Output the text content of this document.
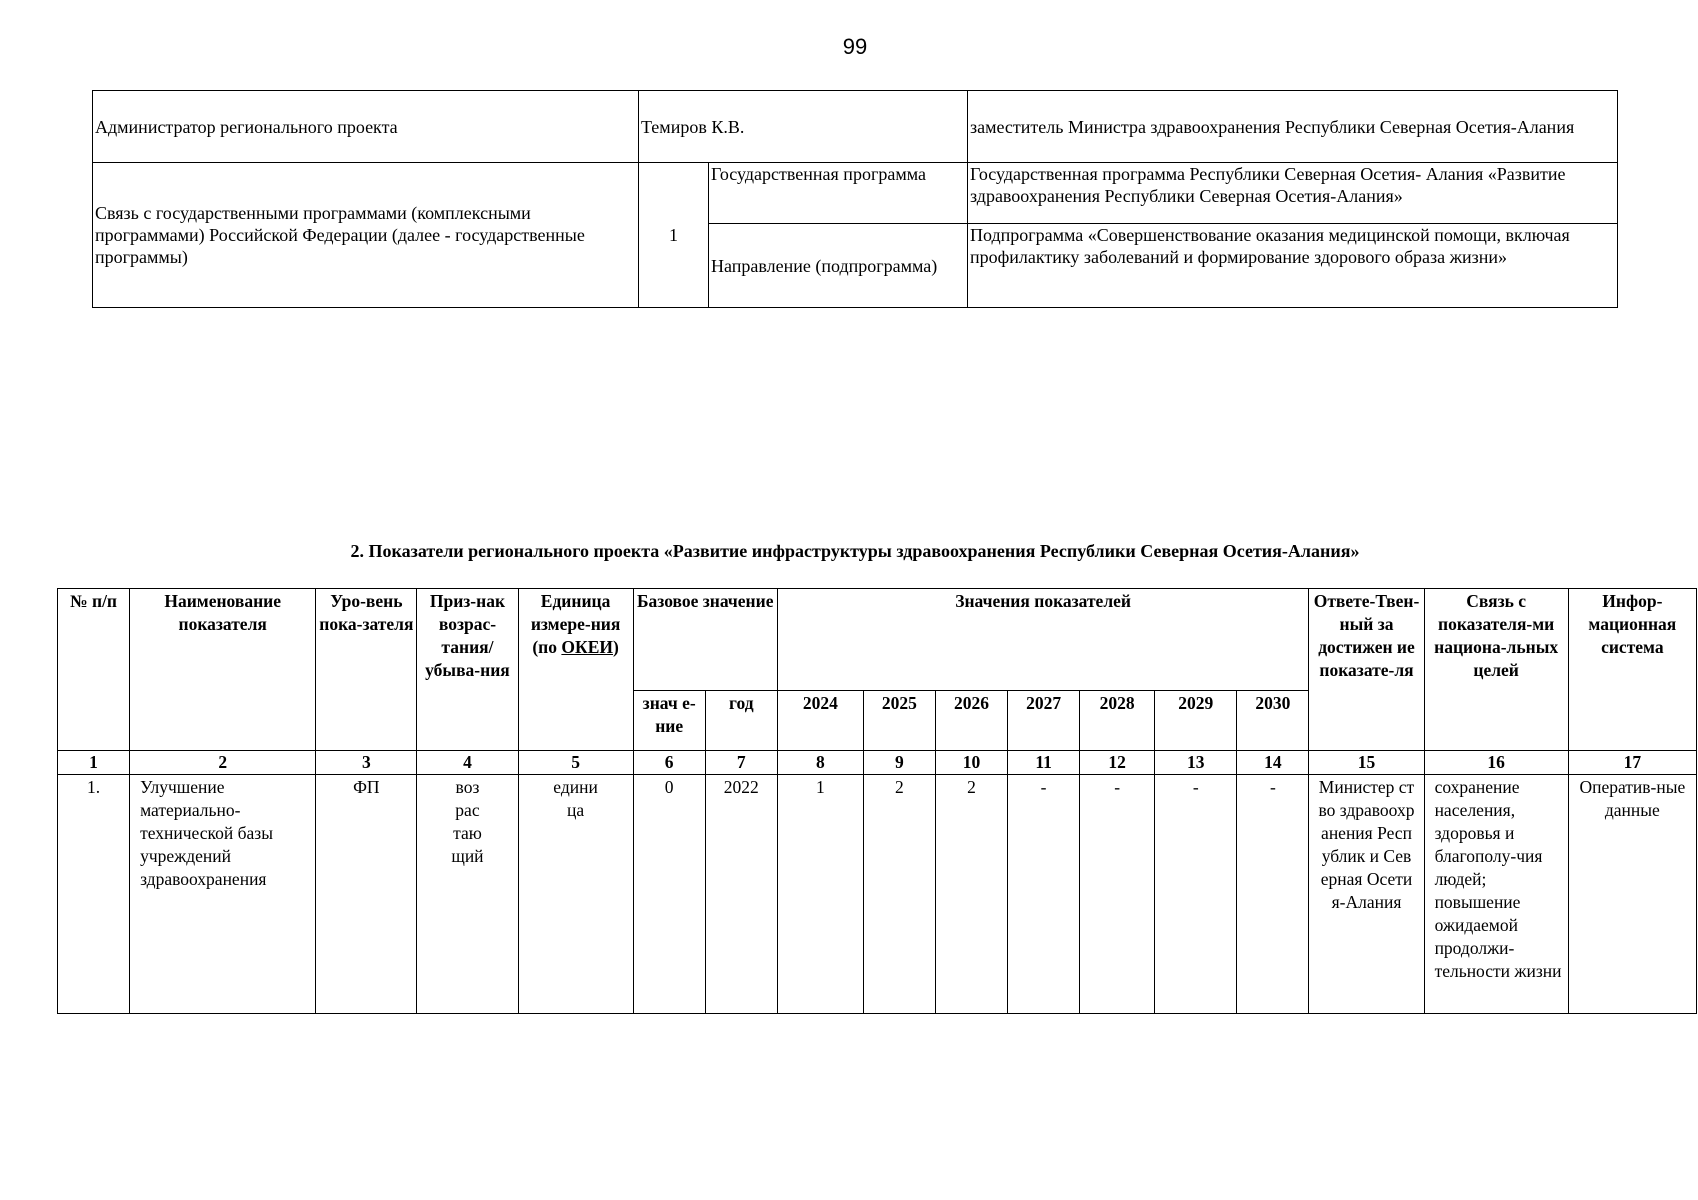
99
Администратор регионального проекта	Темиров К.В.		заместитель Министра здравоохранения Республики Северная Осетия-Алания
Связь с государственными программами (комплексными программами) Российской Федерации (далее - государственные программы)	1	Государственная программа	Государственная программа Республики Северная Осетия- Алания «Развитие здравоохранения Республики Северная Осетия-Алания»
		Направление (подпрограмма)	Подпрограмма «Совершенствование оказания медицинской помощи, включая профилактику заболеваний и формирование здорового образа жизни»
2. Показатели регионального проекта «Развитие инфраструктуры здравоохранения Республики Северная Осетия-Алания»
№ п/п	Наименование показателя	Уро-вень пока-зателя	Приз-нак возрас-тания/ убыва-ния	Единица измере-ния (по ОКЕИ)	Базовое значение		Значения показателей							Ответе-Твен-ный за достижен ие показате-ля	Связь с показателя-ми национа-льных целей	Инфор-мационная система
					знач е-ние	год	2024	2025	2026	2027	2028	2029	2030			
1	2	3	4	5	6	7	8	9	10	11	12	13	14	15	16	17
1.	Улучшение материально-технической базы учреждений здравоохранения	ФП	воз рас таю щий	едини ца	0	2022	1	2	2	-	-	-	-	Министер ство здравоохр анения Республик и Северная Осетия-Алания	сохранение населения, здоровья и благополу-чия людей; повышение ожидаемой продолжи-тельности жизни	Оператив-ные данные
